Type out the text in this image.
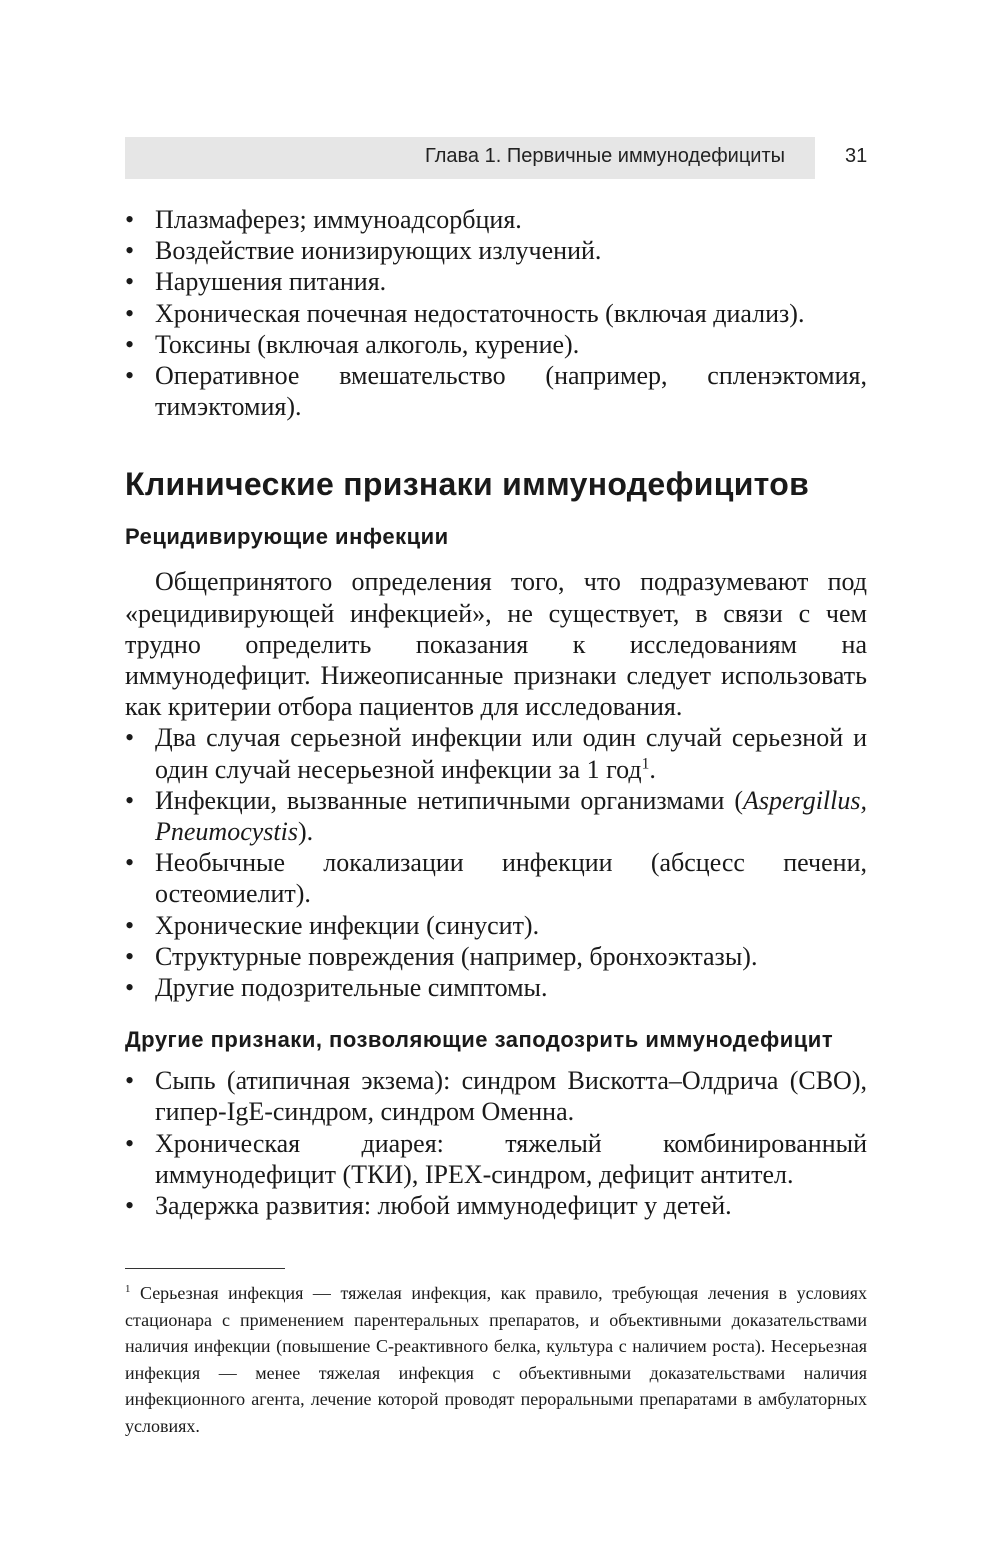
Глава 1. Первичные иммунодефициты	31
• Плазмаферез; иммуноадсорбция.
• Воздействие ионизирующих излучений.
• Нарушения питания.
• Хроническая почечная недостаточность (включая диализ).
• Токсины (включая алкоголь, курение).
• Оперативное вмешательство (например, спленэктомия, тимэктомия).
Клинические признаки иммунодефицитов
Рецидивирующие инфекции

Общепринятого определения того, что подразумевают под «рецидивирующей инфекцией», не существует, в связи с чем трудно определить показания к исследованиям на иммунодефицит. Нижеописанные признаки следует использовать как критерии отбора пациентов для исследования.

• Два случая серьезной инфекции или один случай серьезной и один случай несерьезной инфекции за 1 год$^1$.
• Инфекции, вызванные нетипичными организмами (Aspergillus, Pneumocystis).
• Необычные локализации инфекции (абсцесс печени, остеомиелит).
• Хронические инфекции (синусит).
• Структурные повреждения (например, бронхоэктазы).
• Другие подозрительные симптомы.
Другие признаки, позволяющие заподозрить иммунодефицит
• Сыпь (атипичная экзема): синдром Вискотта–Олдрича (СВО), гипер-IgE-синдром, синдром Оменна.
• Хроническая диарея: тяжелый комбинированный иммунодефицит (ТКИ), IPEX-синдром, дефицит антител.
• Задержка развития: любой иммунодефицит у детей.
$^1$ Серьезная инфекция — тяжелая инфекция, как правило, требующая лечения в условиях стационара с применением парентеральных препаратов, и объективными доказательствами наличия инфекции (повышение С-реактивного белка, культура с наличием роста). Несерьезная инфекция — менее тяжелая инфекция с объективными доказательствами наличия инфекционного агента, лечение которой проводят пероральными препаратами в амбулаторных условиях.
